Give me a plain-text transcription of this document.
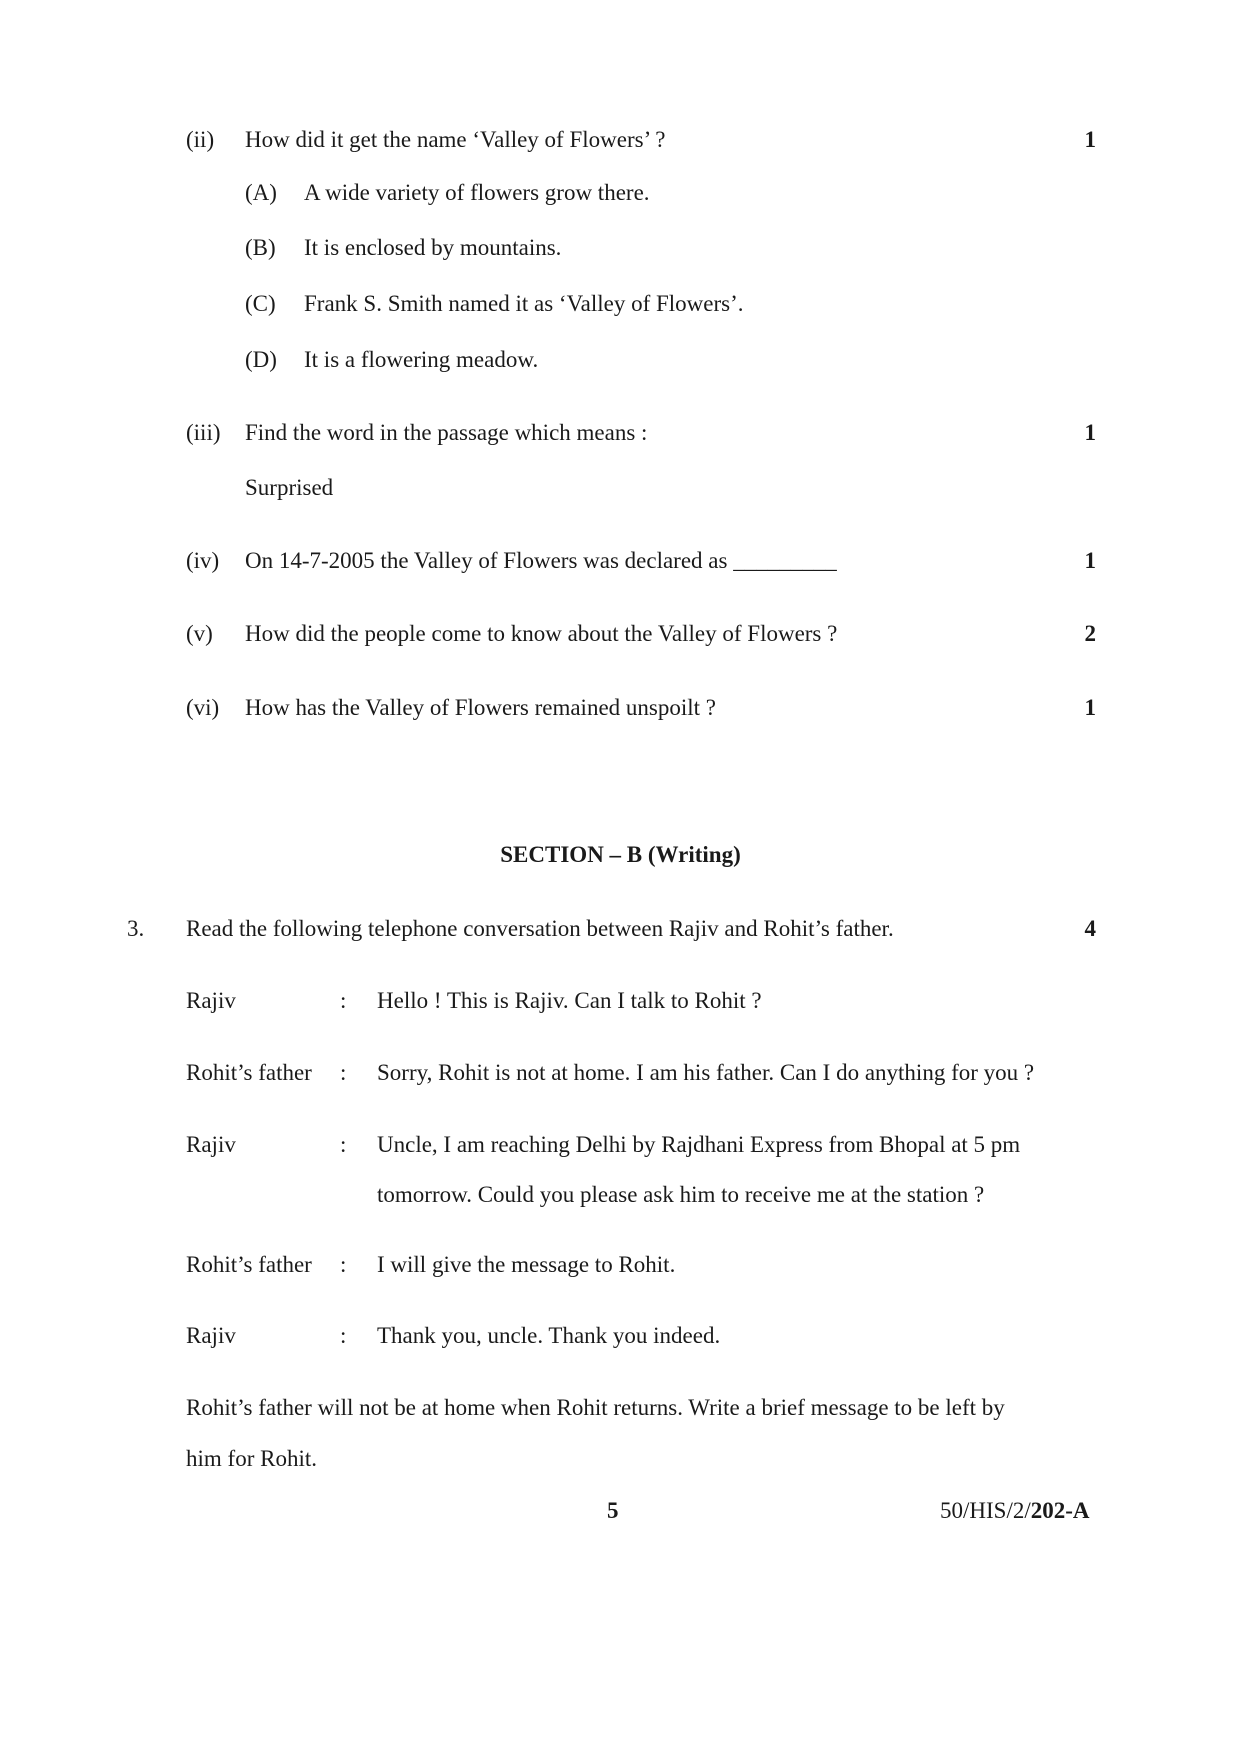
(ii) How did it get the name ‘Valley of Flowers’ ?	1
(A) A wide variety of flowers grow there.
(B) It is enclosed by mountains.
(C) Frank S. Smith named it as ‘Valley of Flowers’.
(D) It is a flowering meadow.
(iii) Find the word in the passage which means :	1
Surprised
(iv) On 14-7-2005 the Valley of Flowers was declared as _________	1
(v) How did the people come to know about the Valley of Flowers ?	2
(vi) How has the Valley of Flowers remained unspoilt ?	1
SECTION – B (Writing)
3. Read the following telephone conversation between Rajiv and Rohit’s father.	4
Rajiv	: Hello ! This is Rajiv. Can I talk to Rohit ?
Rohit’s father : Sorry, Rohit is not at home. I am his father. Can I do anything for you ?
Rajiv	: Uncle, I am reaching Delhi by Rajdhani Express from Bhopal at 5 pm
tomorrow. Could you please ask him to receive me at the station ?
Rohit’s father : I will give the message to Rohit.
Rajiv	: Thank you, uncle. Thank you indeed.
Rohit’s father will not be at home when Rohit returns. Write a brief message to be left by
him for Rohit.
5	50/HIS/2/202-A
